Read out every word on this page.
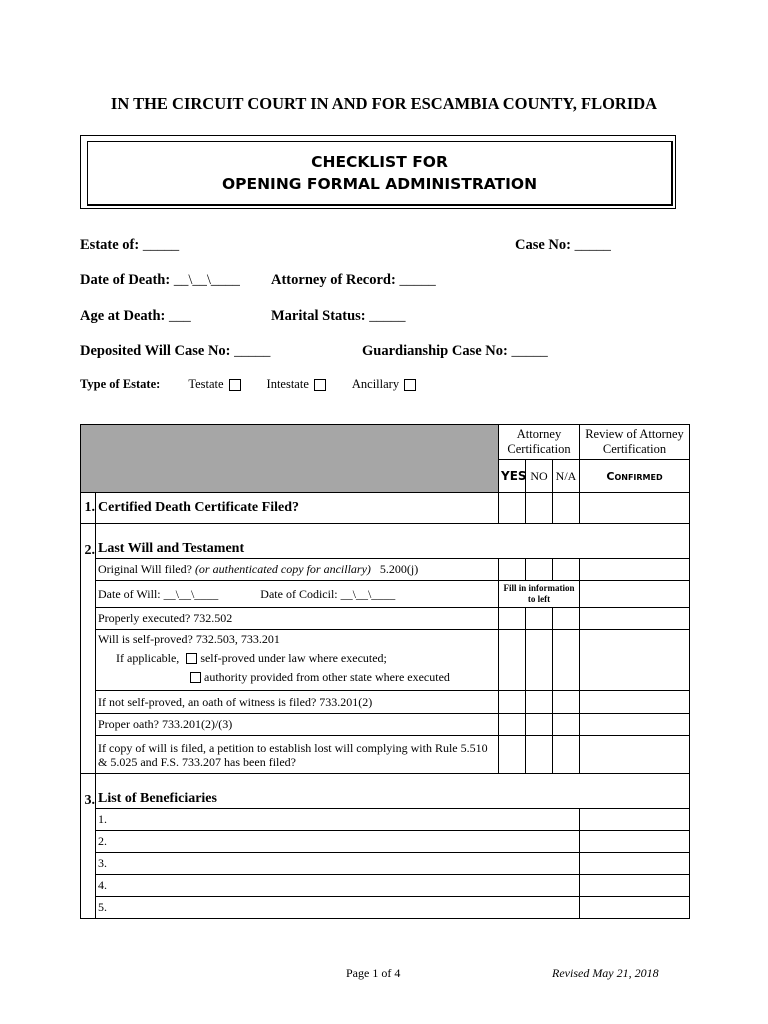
IN THE CIRCUIT COURT IN AND FOR ESCAMBIA COUNTY, FLORIDA
CHECKLIST FOR
OPENING FORMAL ADMINISTRATION
Estate of: _____	Case No: _____
Date of Death: __\__\____ Attorney of Record: _____
Age at Death: ___	Marital Status: _____
Deposited Will Case No: _____	Guardianship Case No: _____
Type of Estate: Testate	Intestate	Ancillary
		Attorney Certification			Review of Attorney Certification
		YES	NO	N/A	Confirmed
1.	Certified Death Certificate Filed?				
2.	Last Will and Testament				
	Original Will filed? (or authenticated copy for ancillary) 5.200(j)				
	Date of Will: __\__\____ Date of Codicil: __\__\____	Fill in information to left			
	Properly executed? 732.502				

	Will is self-proved? 732.503, 733.201
If applicable, self-proved under law where executed;
authority provided from other state where executed				

	If not self-proved, an oath of witness is filed? 733.201(2)				
	Proper oath? 733.201(2)/(3)				
	If copy of will is filed, a petition to establish lost will complying with Rule 5.510 & 5.025 and F.S. 733.207 has been filed?				
3.	List of Beneficiaries				
	1.				
	2.				
	3.				
	4.				
	5.				
Page 1 of 4	Revised May 21, 2018
